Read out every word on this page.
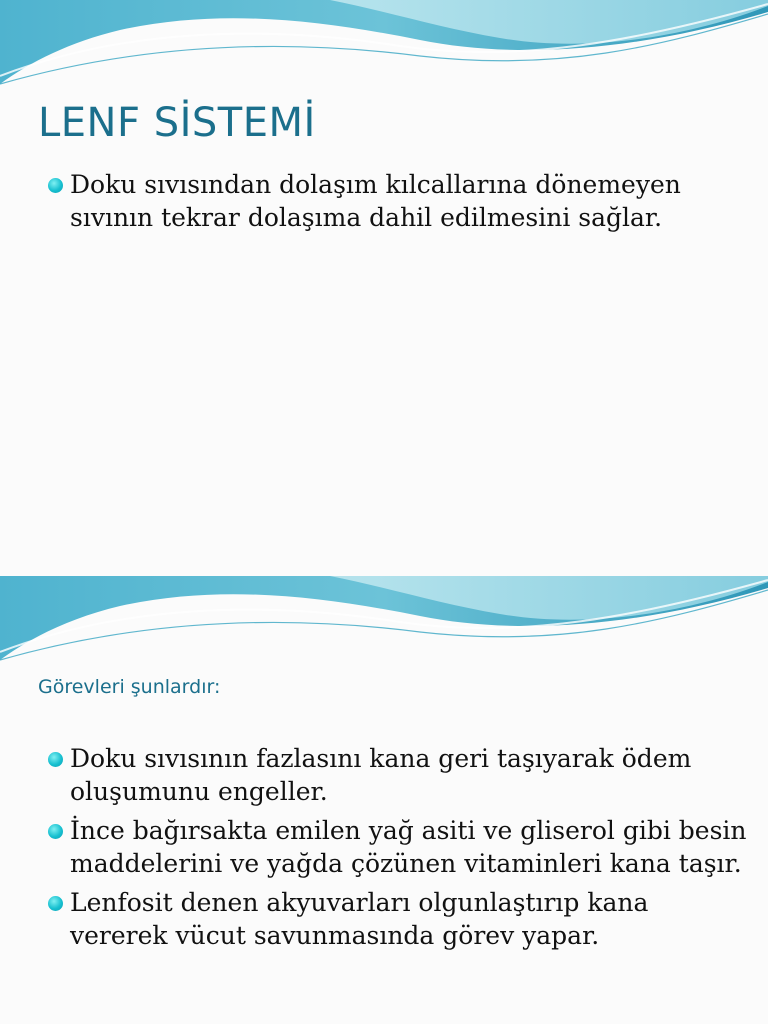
LENF SİSTEMİ
Doku sıvısından dolaşım kılcallarına dönemeyen sıvının tekrar dolaşıma dahil edilmesini sağlar.
Görevleri şunlardır:
Doku sıvısının fazlasını kana geri taşıyarak ödem oluşumunu engeller.
İnce bağırsakta emilen yağ asiti ve gliserol gibi besin maddelerini ve yağda çözünen vitaminleri kana taşır.
Lenfosit denen akyuvarları olgunlaştırıp kana vererek vücut savunmasında görev yapar.
